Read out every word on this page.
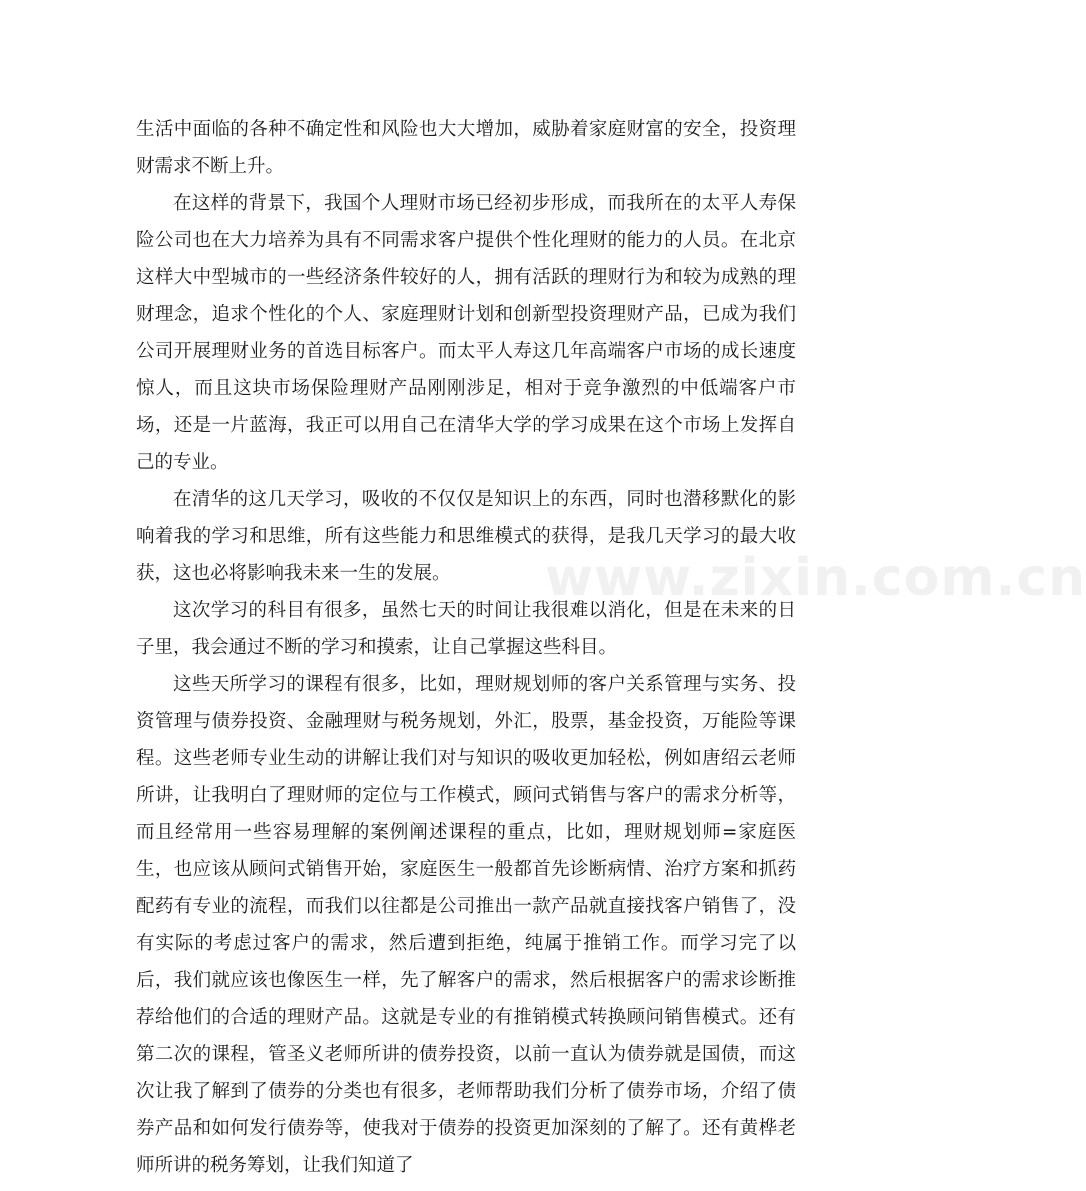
生活中面临的各种不确定性和风险也大大增加，威胁着家庭财富的安全，投资理财需求不断上升。

在这样的背景下，我国个人理财市场已经初步形成，而我所在的太平人寿保险公司也在大力培养为具有不同需求客户提供个性化理财的能力的人员。在北京这样大中型城市的一些经济条件较好的人，拥有活跃的理财行为和较为成熟的理财理念，追求个性化的个人、家庭理财计划和创新型投资理财产品，已成为我们公司开展理财业务的首选目标客户。而太平人寿这几年高端客户市场的成长速度惊人，而且这块市场保险理财产品刚刚涉足，相对于竞争激烈的中低端客户市场，还是一片蓝海，我正可以用自己在清华大学的学习成果在这个市场上发挥自己的专业。

在清华的这几天学习，吸收的不仅仅是知识上的东西，同时也潜移默化的影响着我的学习和思维，所有这些能力和思维模式的获得，是我几天学习的最大收获，这也必将影响我未来一生的发展。

这次学习的科目有很多，虽然七天的时间让我很难以消化，但是在未来的日子里，我会通过不断的学习和摸索，让自己掌握这些科目。

这些天所学习的课程有很多，比如，理财规划师的客户关系管理与实务、投资管理与债券投资、金融理财与税务规划，外汇，股票，基金投资，万能险等课程。这些老师专业生动的讲解让我们对与知识的吸收更加轻松，例如唐绍云老师所讲，让我明白了理财师的定位与工作模式，顾问式销售与客户的需求分析等，而且经常用一些容易理解的案例阐述课程的重点，比如，理财规划师=家庭医生，也应该从顾问式销售开始，家庭医生一般都首先诊断病情、治疗方案和抓药配药有专业的流程，而我们以往都是公司推出一款产品就直接找客户销售了，没有实际的考虑过客户的需求，然后遭到拒绝，纯属于推销工作。而学习完了以后，我们就应该也像医生一样，先了解客户的需求，然后根据客户的需求诊断推荐给他们的合适的理财产品。这就是专业的有推销模式转换顾问销售模式。还有第二次的课程，管圣义老师所讲的债券投资，以前一直认为债券就是国债，而这次让我了解到了债券的分类也有很多，老师帮助我们分析了债券市场，介绍了债券产品和如何发行债券等，使我对于债券的投资更加深刻的了解了。还有黄桦老师所讲的税务筹划，让我们知道了

www.zixin.com.cn
